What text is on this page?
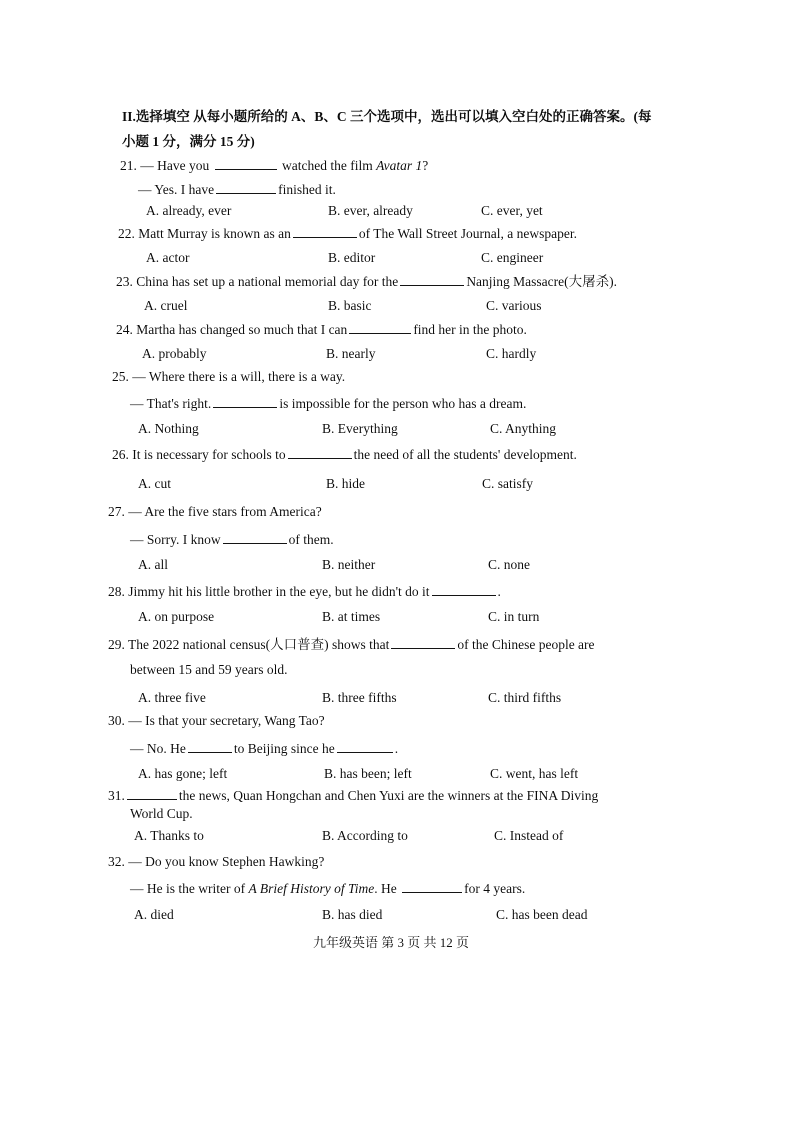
II.选择填空 从每小题所给的 A、B、C 三个选项中，选出可以填入空白处的正确答案。(每
小题 1 分，满分 15 分)
21. — Have you	watched the film Avatar 1?
— Yes. I have	finished it.
A. already, ever	B. ever, already	C. ever, yet
22. Matt Murray is known as an	of The Wall Street Journal, a newspaper.
A. actor	B. editor	C. engineer
23. China has set up a national memorial day for the	Nanjing Massacre(大屠杀).
A. cruel	B. basic	C. various
24. Martha has changed so much that I can	find her in the photo.
A. probably	B. nearly	C. hardly
25. — Where there is a will, there is a way.
— That's right.	is impossible for the person who has a dream.
A. Nothing	B. Everything	C. Anything
26. It is necessary for schools to	the need of all the students' development.
A. cut	B. hide	C. satisfy
27. — Are the five stars from America?
— Sorry. I know	of them.
A. all	B. neither	C. none
28. Jimmy hit his little brother in the eye, but he didn't do it	.
A. on purpose	B. at times	C. in turn
29. The 2022 national census(人口普查) shows that	of the Chinese people are
between 15 and 59 years old.
A. three five	B. three fifths	C. third fifths
30. — Is that your secretary, Wang Tao?
— No. He	to Beijing since he	.
A. has gone; left	B. has been; left	C. went, has left
31.	the news, Quan Hongchan and Chen Yuxi are the winners at the FINA Diving
World Cup.
A. Thanks to	B. According to	C. Instead of
32. — Do you know Stephen Hawking?
— He is the writer of A Brief History of Time. He	for 4 years.
A. died	B. has died	C. has been dead
九年级英语 第 3 页 共 12 页
